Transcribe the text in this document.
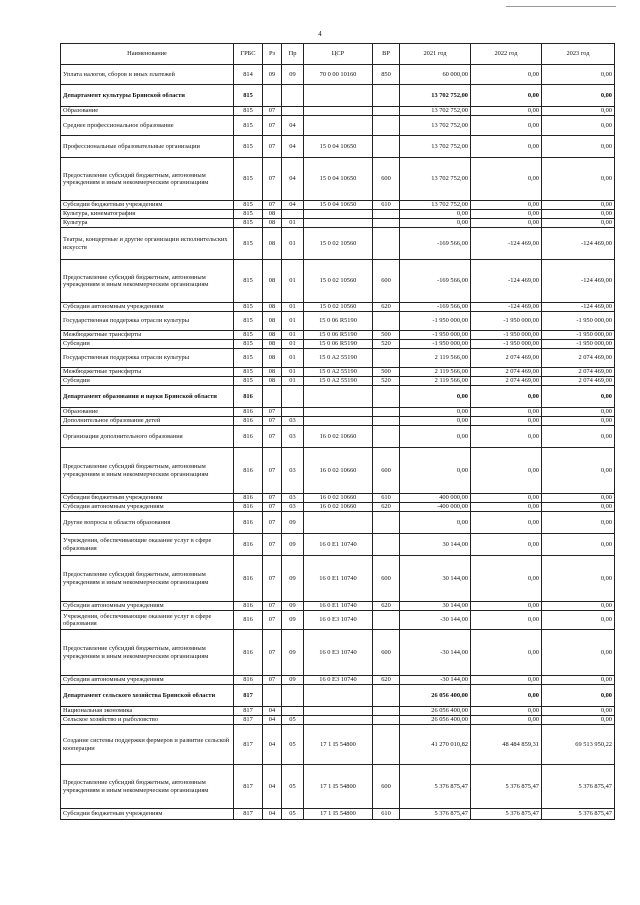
4
Наименование	ГРБС	Рз	Пр	ЦСР	ВР	2021 год	2022 год	2023 год
Уплата налогов, сборов и иных платежей	814	09	09	70 0 00 10160	850	60 000,00	0,00	0,00
Департамент культуры Брянской области	815					13 702 752,00	0,00	0,00
Образование	815	07				13 702 752,00	0,00	0,00
Среднее профессиональное образование	815	07	04			13 702 752,00	0,00	0,00
Профессиональные образовательные организации	815	07	04	15 0 04 10650		13 702 752,00	0,00	0,00
Предоставление субсидий бюджетным, автономным учреждениям и иным некоммерческим организациям	815	07	04	15 0 04 10650	600	13 702 752,00	0,00	0,00
Субсидии бюджетным учреждениям	815	07	04	15 0 04 10650	610	13 702 752,00	0,00	0,00
Культура, кинематография	815	08				0,00	0,00	0,00
Культура	815	08	01			0,00	0,00	0,00
Театры, концертные и другие организации исполнительских искусств	815	08	01	15 0 02 10560		-169 566,00	-124 469,00	-124 469,00
Предоставление субсидий бюджетным, автономным учреждениям и иным некоммерческим организациям	815	08	01	15 0 02 10560	600	-169 566,00	-124 469,00	-124 469,00
Субсидии автономным учреждениям	815	08	01	15 0 02 10560	620	-169 566,00	-124 469,00	-124 469,00
Государственная поддержка отрасли культуры	815	08	01	15 0 06 R5190		-1 950 000,00	-1 950 000,00	-1 950 000,00
Межбюджетные трансферты	815	08	01	15 0 06 R5190	500	-1 950 000,00	-1 950 000,00	-1 950 000,00
Субсидии	815	08	01	15 0 06 R5190	520	-1 950 000,00	-1 950 000,00	-1 950 000,00
Государственная поддержка отрасли культуры	815	08	01	15 0 A2 55190		2 119 566,00	2 074 469,00	2 074 469,00
Межбюджетные трансферты	815	08	01	15 0 A2 55190	500	2 119 566,00	2 074 469,00	2 074 469,00
Субсидии	815	08	01	15 0 A2 55190	520	2 119 566,00	2 074 469,00	2 074 469,00
Департамент образования и науки Брянской области	816					0,00	0,00	0,00
Образование	816	07				0,00	0,00	0,00
Дополнительное образование детей	816	07	03			0,00	0,00	0,00
Организации дополнительного образования	816	07	03	16 0 02 10660		0,00	0,00	0,00
Предоставление субсидий бюджетным, автономным учреждениям и иным некоммерческим организациям	816	07	03	16 0 02 10660	600	0,00	0,00	0,00
Субсидии бюджетным учреждениям	816	07	03	16 0 02 10660	610	400 000,00	0,00	0,00
Субсидии автономным учреждениям	816	07	03	16 0 02 10660	620	-400 000,00	0,00	0,00
Другие вопросы в области образования	816	07	09			0,00	0,00	0,00
Учреждения, обеспечивающие оказание услуг в сфере образования	816	07	09	16 0 E1 10740		30 144,00	0,00	0,00
Предоставление субсидий бюджетным, автономным учреждениям и иным некоммерческим организациям	816	07	09	16 0 E1 10740	600	30 144,00	0,00	0,00
Субсидии автономным учреждениям	816	07	09	16 0 E1 10740	620	30 144,00	0,00	0,00
Учреждения, обеспечивающие оказание услуг в сфере образования	816	07	09	16 0 E3 10740		-30 144,00	0,00	0,00
Предоставление субсидий бюджетным, автономным учреждениям и иным некоммерческим организациям	816	07	09	16 0 E3 10740	600	-30 144,00	0,00	0,00
Субсидии автономным учреждениям	816	07	09	16 0 E3 10740	620	-30 144,00	0,00	0,00
Департамент сельского хозяйства Брянской области	817					26 056 400,00	0,00	0,00
Национальная экономика	817	04				26 056 400,00	0,00	0,00
Сельское хозяйство и рыболовство	817	04	05			26 056 400,00	0,00	0,00
Создание системы поддержки фермеров и развитие сельской кооперации	817	04	05	17 1 I5 54800		41 270 010,82	48 484 859,31	69 513 950,22
Предоставление субсидий бюджетным, автономным учреждениям и иным некоммерческим организациям	817	04	05	17 1 I5 54800	600	5 376 875,47	5 376 875,47	5 376 875,47
Субсидии бюджетным учреждениям	817	04	05	17 1 I5 54800	610	5 376 875,47	5 376 875,47	5 376 875,47
